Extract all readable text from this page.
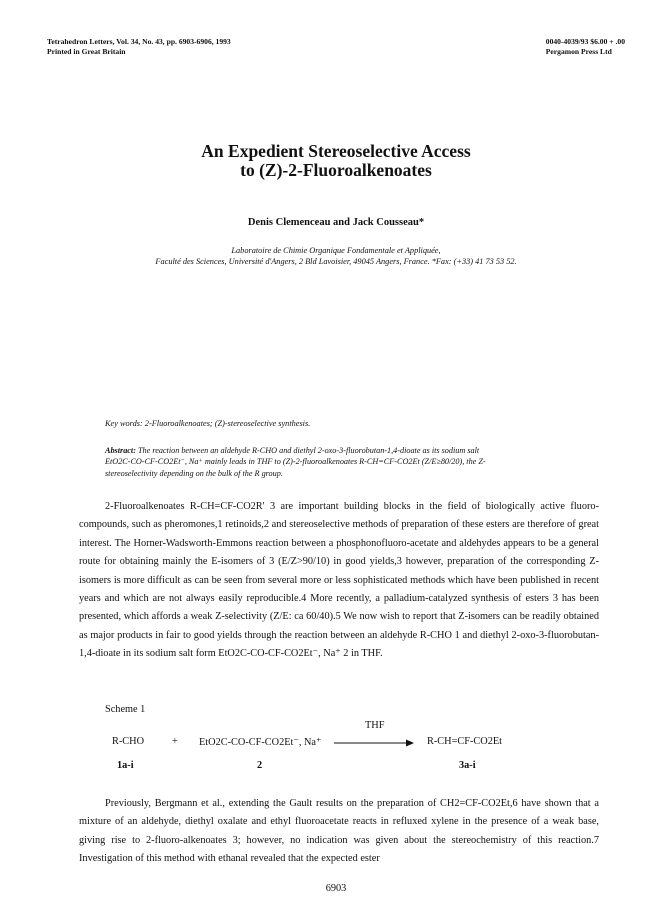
Tetrahedron Letters, Vol. 34, No. 43, pp. 6903-6906, 1993
Printed in Great Britain
0040-4039/93 $6.00 + .00
Pergamon Press Ltd
An Expedient Stereoselective Access
to (Z)-2-Fluoroalkenoates
Denis Clemenceau and Jack Cousseau*
Laboratoire de Chimie Organique Fondamentale et Appliquée,
Faculté des Sciences, Université d'Angers, 2 Bld Lavoisier, 49045 Angers, France. *Fax: (+33) 41 73 53 52.
Key words: 2-Fluoroalkenoates; (Z)-stereoselective synthesis.
Abstract: The reaction between an aldehyde R-CHO and diethyl 2-oxo-3-fluorobutan-1,4-dioate as its sodium salt
EtO2C-CO-CF-CO2Et⁻, Na⁺ mainly leads in THF to (Z)-2-fluoroalkenoates R-CH=CF-CO2Et (Z/E≥80/20), the Z-
stereoselectivity depending on the bulk of the R group.

2-Fluoroalkenoates R-CH=CF-CO2R' 3 are important building blocks in the field of biologically active fluoro-compounds, such as pheromones,1 retinoids,2 and stereoselective methods of preparation of these esters are therefore of great interest. The Horner-Wadsworth-Emmons reaction between a phosphonofluoro-acetate and aldehydes appears to be a general route for obtaining mainly the E-isomers of 3 (E/Z>90/10) in good yields,3 however, preparation of the corresponding Z-isomers is more difficult as can be seen from several more or less sophisticated methods which have been published in recent years and which are not always easily reproducible.4 More recently, a palladium-catalyzed synthesis of esters 3 has been presented, which affords a weak Z-selectivity (Z/E: ca 60/40).5 We now wish to report that Z-isomers can be readily obtained as major products in fair to good yields through the reaction between an aldehyde R-CHO 1 and diethyl 2-oxo-3-fluorobutan-1,4-dioate in its sodium salt form EtO2C-CO-CF-CO2Et⁻, Na⁺ 2 in THF.

Scheme 1
R-CHO	+ EtO2C-CO-CF-CO2Et⁻, Na⁺
THF
R-CH=CF-CO2Et
1a-i	2	3a-i

Previously, Bergmann et al., extending the Gault results on the preparation of CH2=CF-CO2Et,6 have shown that a mixture of an aldehyde, diethyl oxalate and ethyl fluoroacetate reacts in refluxed xylene in the presence of a weak base, giving rise to 2-fluoro-alkenoates 3; however, no indication was given about the stereochemistry of this reaction.7 Investigation of this method with ethanal revealed that the expected ester

6903
